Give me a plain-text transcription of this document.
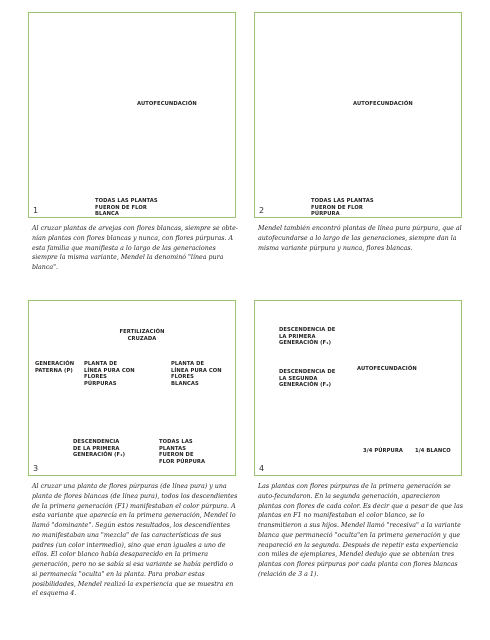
AUTOFECUNDACIÓN
TODAS LAS PLANTAS FUERON DE FLOR BLANCA
1

Al cruzar plantas de arvejas con flores blancas, siempre se obte-nían plantas con flores blancas y nunca, con flores púrpuras. A esta familia que manifiesta a lo largo de las generaciones siempre la misma variante, Mendel la denominó "línea pura blanca".

AUTOFECUNDACIÓN
TODAS LAS PLANTAS FUERON DE FLOR PÚRPURA
2

Mendel también encontró plantas de línea pura púrpura, que al autofecundarse a lo largo de las generaciones, siempre dan la misma variante púrpura y nunca, flores blancas.

FERTILIZACIÓN CRUZADA
GENERACIÓN PATERNA (P)
PLANTA DE LÍNEA PURA CON FLORES PÚRPURAS
PLANTA DE LÍNEA PURA CON FLORES BLANCAS
DESCENDENCIA DE LA PRIMERA GENERACIÓN (F₁)
TODAS LAS PLANTAS FUERON DE FLOR PÚRPURA
3

Al cruzar una planta de flores púrpuras (de línea pura) y una planta de flores blancas (de línea pura), todos los descendientes de la primera generación (F1) manifestaban el color púrpura. A esta variante que aparecía en la primera generación, Mendel lo llamó "dominante". Según estos resultados, los descendientes no manifestaban una "mezcla" de las características de sus padres (un color intermedio), sino que eran iguales a uno de ellos. El color blanco había desaparecido en la primera generación, pero no se sabía si esa variante se había perdido o si permanecía "oculta" en la planta. Para probar estas posibilidades, Mendel realizó la experiencia que se muestra en el esquema 4.

DESCENDENCIA DE LA PRIMERA GENERACIÓN (F₁)
AUTOFECUNDACIÓN
DESCENDENCIA DE LA SEGUNDA GENERACIÓN (F₂)
3/4 PÚRPURA	1/4 BLANCO
4

Las plantas con flores púrpuras de la primera generación se auto-fecundaron. En la segunda generación, aparecieron plantas con flores de cada color. Es decir que a pesar de que las plantas en F1 no manifestaban el color blanco, se lo transmitieron a sus hijos. Mendel llamó "recesiva" a la variante blanca que permaneció "oculta"en la primera generación y que reapareció en la segunda. Después de repetir esta experiencia con miles de ejemplares, Mendel dedujo que se obtenían tres plantas con flores púrpuras por cada planta con flores blancas (relación de 3 a 1).
